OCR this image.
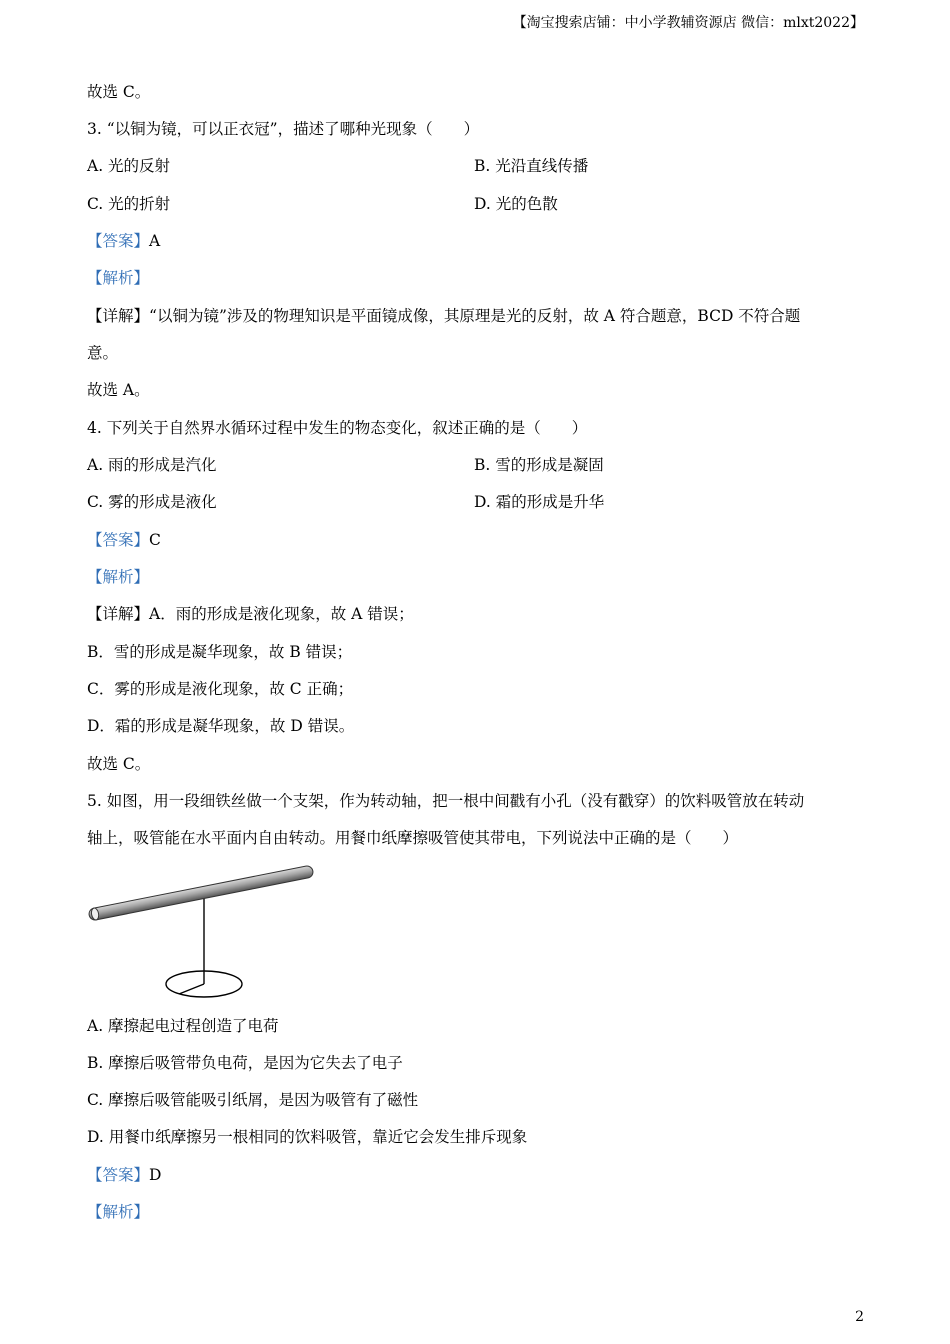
【淘宝搜索店铺：中小学教辅资源店 微信：mlxt2022】
故选 C。
3. “以铜为镜，可以正衣冠”，描述了哪种光现象（　　）
A. 光的反射	B. 光沿直线传播
C. 光的折射	D. 光的色散
【答案】A
【解析】
【详解】“以铜为镜”涉及的物理知识是平面镜成像，其原理是光的反射，故 A 符合题意，BCD 不符合题
意。
故选 A。
4. 下列关于自然界水循环过程中发生的物态变化，叙述正确的是（　　）
A. 雨的形成是汽化	B. 雪的形成是凝固
C. 雾的形成是液化	D. 霜的形成是升华
【答案】C
【解析】
【详解】A．雨的形成是液化现象，故 A 错误；
B．雪的形成是凝华现象，故 B 错误；
C．雾的形成是液化现象，故 C 正确；
D．霜的形成是凝华现象，故 D 错误。
故选 C。
5. 如图，用一段细铁丝做一个支架，作为转动轴，把一根中间戳有小孔（没有戳穿）的饮料吸管放在转动
轴上，吸管能在水平面内自由转动。用餐巾纸摩擦吸管使其带电，下列说法中正确的是（　　）
A. 摩擦起电过程创造了电荷
B. 摩擦后吸管带负电荷，是因为它失去了电子
C. 摩擦后吸管能吸引纸屑，是因为吸管有了磁性
D. 用餐巾纸摩擦另一根相同的饮料吸管，靠近它会发生排斥现象
【答案】D
【解析】
2
